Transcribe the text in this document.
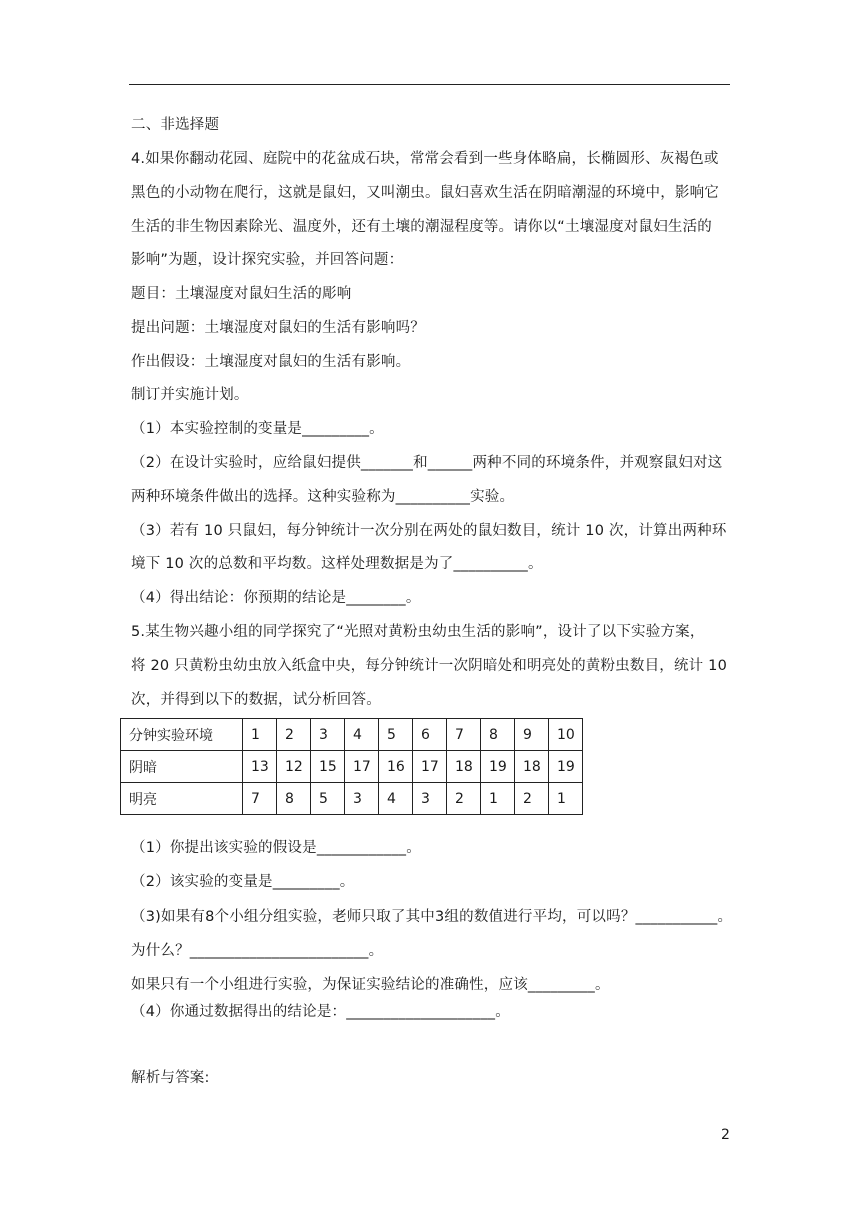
二、非选择题
4.如果你翻动花园、庭院中的花盆成石块，常常会看到一些身体略扁，长椭圆形、灰褐色或
黑色的小动物在爬行，这就是鼠妇，又叫潮虫。鼠妇喜欢生活在阴暗潮湿的环境中，影响它
生活的非生物因素除光、温度外，还有土壤的潮湿程度等。请你以“土壤湿度对鼠妇生活的
影响”为题，设计探究实验，并回答问题：
题目：土壤湿度对鼠妇生活的彫响
提出问题：土壤湿度对鼠妇的生活有影响吗？
作出假设：土壤湿度对鼠妇的生活有影响。
制订并实施计划。
（1）本实验控制的变量是_________。
（2）在设计实验时，应给鼠妇提供_______和______两种不同的环境条件，并观察鼠妇对这
两种环境条件做出的选择。这种实验称为__________实验。
（3）若有 10 只鼠妇，每分钟统计一次分别在两处的鼠妇数目，统计 10 次，计算出两种环
境下 10 次的总数和平均数。这样处理数据是为了__________。
（4）得出结论：你预期的结论是________。
5.某生物兴趣小组的同学探究了“光照对黄粉虫幼虫生活的影响”，设计了以下实验方案，
将 20 只黄粉虫幼虫放入纸盒中央，每分钟统计一次阴暗处和明亮处的黄粉虫数目，统计 10
次，并得到以下的数据，试分析回答。
分钟实验环境	1	2	3	4	5	6	7	8	9	10
阴暗	13	12	15	17	16	17	18	19	18	19
明亮	7	8	5	3	4	3	2	1	2	1
（1）你提出该实验的假设是____________。
（2）该实验的变量是_________。
（3)如果有8个小组分组实验，老师只取了其中3组的数值进行平均，可以吗？___________。
为什么？________________________。
如果只有一个小组进行实验，为保证实验结论的准确性，应该_________。
（4）你通过数据得出的结论是：____________________。
解析与答案:
2
